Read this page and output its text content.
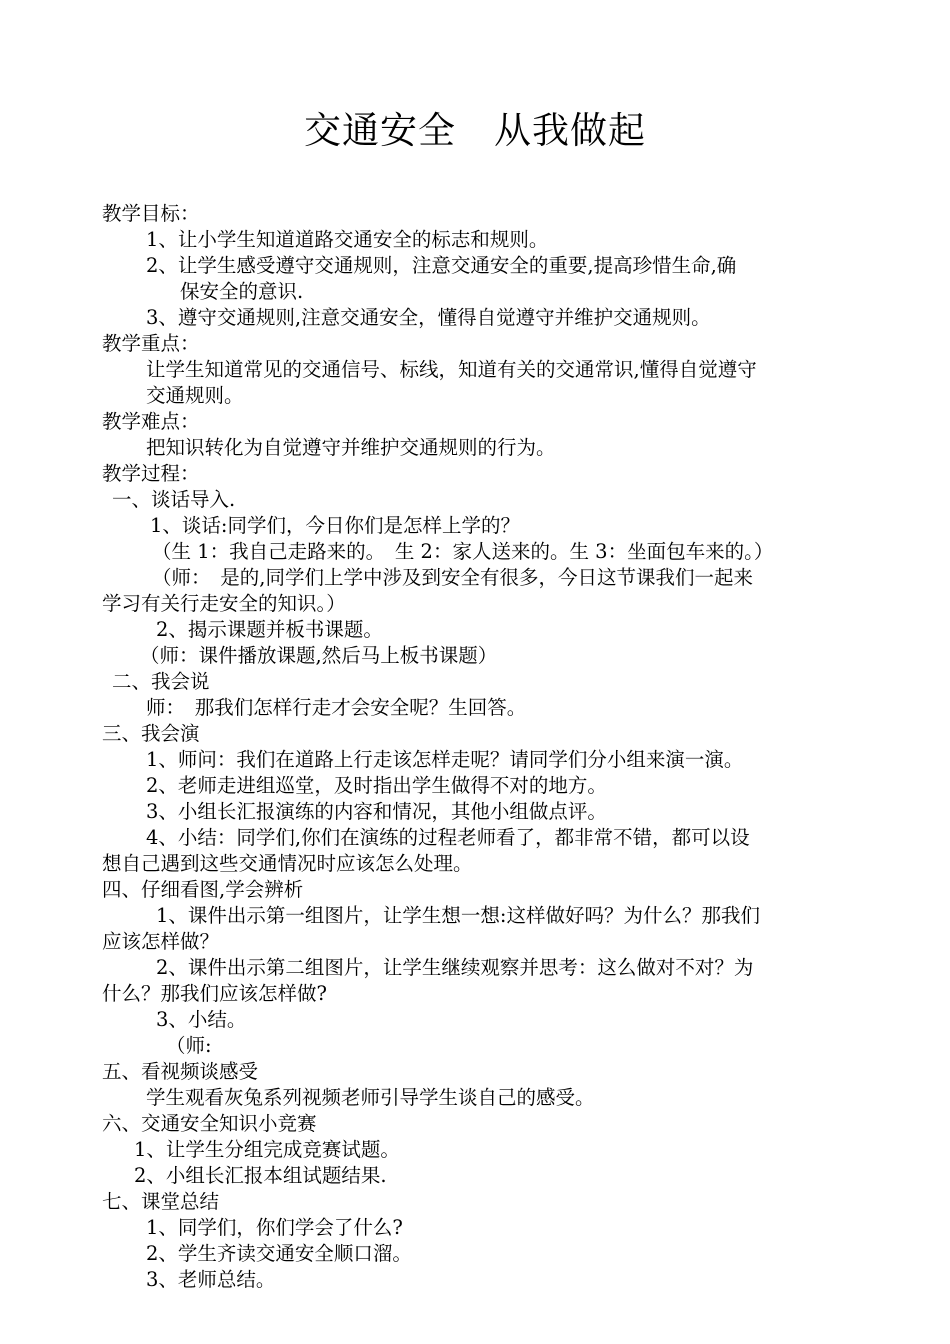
交通安全　从我做起
教学目标：
1、让小学生知道道路交通安全的标志和规则。
2、让学生感受遵守交通规则，注意交通安全的重要,提高珍惜生命,确
保安全的意识.
3、遵守交通规则,注意交通安全，懂得自觉遵守并维护交通规则。
教学重点：
让学生知道常见的交通信号、标线，知道有关的交通常识,懂得自觉遵守
交通规则。
教学难点：
把知识转化为自觉遵守并维护交通规则的行为。
教学过程：
一、谈话导入.
1、谈话:同学们，今日你们是怎样上学的？
（生 1：我自己走路来的。　生 2：家人送来的。生 3：坐面包车来的。）
（师：　是的,同学们上学中涉及到安全有很多，今日这节课我们一起来
学习有关行走安全的知识。）
2、揭示课题并板书课题。
（师：课件播放课题,然后马上板书课题）
二、我会说
师：　那我们怎样行走才会安全呢？生回答。
三、我会演
1、师问：我们在道路上行走该怎样走呢？请同学们分小组来演一演。
2、老师走进组巡堂，及时指出学生做得不对的地方。
3、小组长汇报演练的内容和情况，其他小组做点评。
4、小结：同学们,你们在演练的过程老师看了，都非常不错，都可以设
想自己遇到这些交通情况时应该怎么处理。
四、仔细看图,学会辨析
1、课件出示第一组图片，让学生想一想:这样做好吗？为什么？那我们
应该怎样做？
2、课件出示第二组图片，让学生继续观察并思考：这么做对不对？为
什么？那我们应该怎样做?
3、小结。
（师:
五、看视频谈感受
学生观看灰兔系列视频老师引导学生谈自己的感受。
六、交通安全知识小竞赛
1、让学生分组完成竞赛试题。
2、小组长汇报本组试题结果.
七、课堂总结
1、同学们，你们学会了什么?
2、学生齐读交通安全顺口溜。
3、老师总结。
